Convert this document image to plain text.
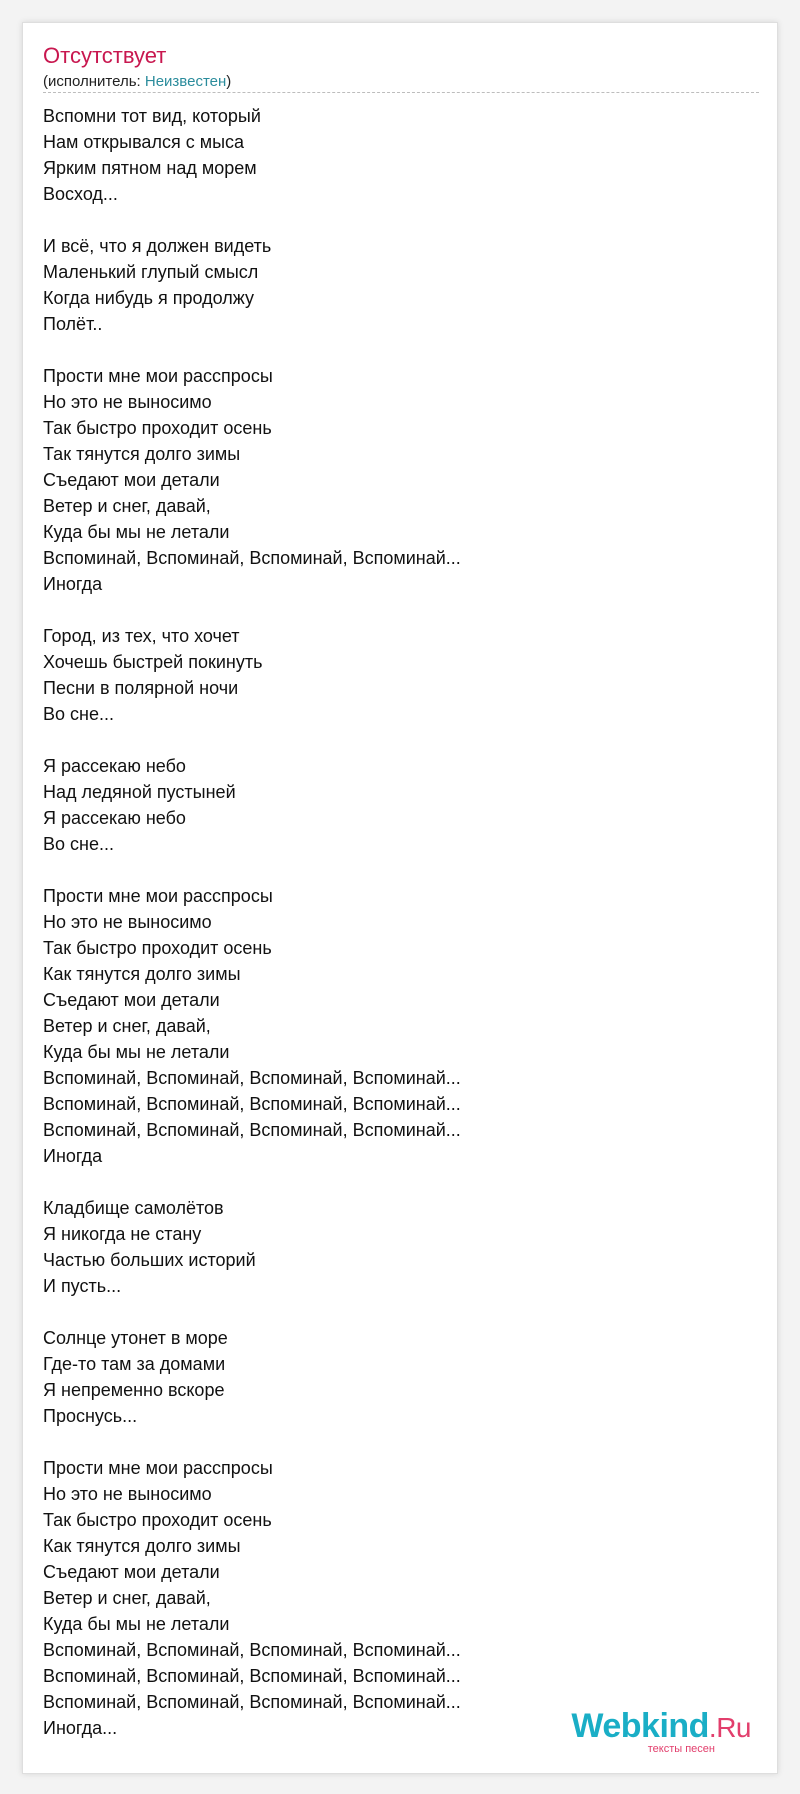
Отсутствует
(исполнитель: Неизвестен)
Вспомни тот вид, который
Нам открывался с мыса
Ярким пятном над морем
Восход...

И всё, что я должен видеть
Маленький глупый смысл
Когда нибудь я продолжу
Полёт..

Прости мне мои расспросы
Но это не выносимо
Так быстро проходит осень
Так тянутся долго зимы
Съедают мои детали
Ветер и снег, давай,
Куда бы мы не летали
Вспоминай, Вспоминай, Вспоминай, Вспоминай...
Иногда

Город, из тех, что хочет
Хочешь быстрей покинуть
Песни в полярной ночи
Во сне...

Я рассекаю небо
Над ледяной пустыней
Я рассекаю небо
Во сне...

Прости мне мои расспросы
Но это не выносимо
Так быстро проходит осень
Как тянутся долго зимы
Съедают мои детали
Ветер и снег, давай,
Куда бы мы не летали
Вспоминай, Вспоминай, Вспоминай, Вспоминай...
Вспоминай, Вспоминай, Вспоминай, Вспоминай...
Вспоминай, Вспоминай, Вспоминай, Вспоминай...
Иногда

Кладбище самолётов
Я никогда не стану
Частью больших историй
И пусть...

Солнце утонет в море
Где-то там за домами
Я непременно вскоре
Проснусь...

Прости мне мои расспросы
Но это не выносимо
Так быстро проходит осень
Как тянутся долго зимы
Съедают мои детали
Ветер и снег, давай,
Куда бы мы не летали
Вспоминай, Вспоминай, Вспоминай, Вспоминай...
Вспоминай, Вспоминай, Вспоминай, Вспоминай...
Вспоминай, Вспоминай, Вспоминай, Вспоминай...
Иногда...	Webkind.Ru
тексты песен
